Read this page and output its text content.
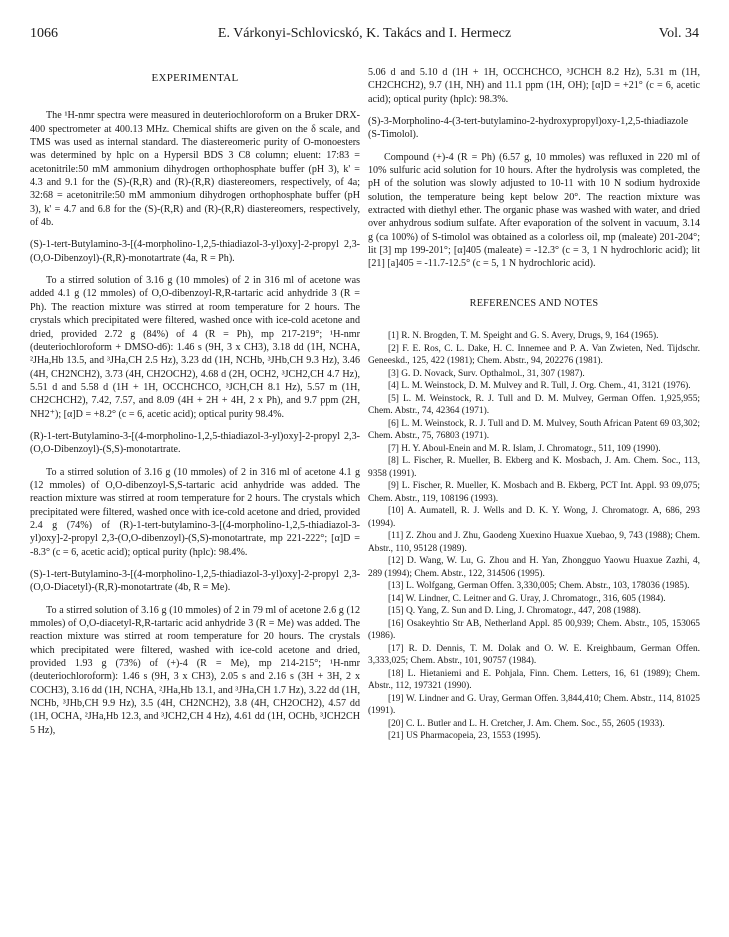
1066	E. Várkonyi-Schlovicskó, K. Takács and I. Hermecz	Vol. 34
EXPERIMENTAL

The ¹H-nmr spectra were measured in deuteriochloroform on a Bruker DRX-400 spectrometer at 400.13 MHz. Chemical shifts are given on the δ scale, and TMS was used as internal standard. The diastereomeric purity of O-monoesters was determined by hplc on a Hypersil BDS 3 C8 column; eluent: 17:83 = acetonitrile:50 mM ammonium dihydrogen orthophosphate buffer (pH 3), k' = 4.3 and 9.1 for the (S)-(R,R) and (R)-(R,R) diastereomers, respectively, of 4a; 32:68 = acetonitrile:50 mM ammonium dihydrogen orthophosphate buffer (pH 3), k' = 4.7 and 6.8 for the (S)-(R,R) and (R)-(R,R) diastereomers, respectively, of 4b.

(S)-1-tert-Butylamino-3-[(4-morpholino-1,2,5-thiadiazol-3-yl)oxy]-2-propyl 2,3-(O,O-Dibenzoyl)-(R,R)-monotartrate (4a, R = Ph).

To a stirred solution of 3.16 g (10 mmoles) of 2 in 316 ml of acetone was added 4.1 g (12 mmoles) of O,O-dibenzoyl-R,R-tartaric acid anhydride 3 (R = Ph). The reaction mixture was stirred at room temperature for 2 hours. The crystals which precipitated were filtered, washed once with ice-cold acetone and dried, provided 2.72 g (84%) of 4 (R = Ph), mp 217-219°; ¹H-nmr (deuteriochloroform + DMSO-d6): 1.46 s (9H, 3 x CH3), 3.18 dd (1H, NCHA, ²JHa,Hb 13.5, and ³JHa,CH 2.5 Hz), 3.23 dd (1H, NCHb, ³JHb,CH 9.3 Hz), 3.46 (4H, CH2NCH2), 3.73 (4H, CH2OCH2), 4.68 d (2H, OCH2, ³JCH2,CH 4.7 Hz), 5.51 d and 5.58 d (1H + 1H, OCCHCHCO, ³JCH,CH 8.1 Hz), 5.57 m (1H, CH2CHCH2), 7.42, 7.57, and 8.09 (4H + 2H + 4H, 2 x Ph), and 9.7 ppm (2H, NH2⁺); [α]D = +8.2° (c = 6, acetic acid); optical purity 98.4%.

(R)-1-tert-Butylamino-3-[(4-morpholino-1,2,5-thiadiazol-3-yl)oxy]-2-propyl 2,3-(O,O-Dibenzoyl)-(S,S)-monotartrate.

To a stirred solution of 3.16 g (10 mmoles) of 2 in 316 ml of acetone 4.1 g (12 mmoles) of O,O-dibenzoyl-S,S-tartaric acid anhydride was added. The reaction mixture was stirred at room temperature for 2 hours. The crystals which precipitated were filtered, washed once with ice-cold acetone and dried, provided 2.4 g (74%) of (R)-1-tert-butylamino-3-[(4-morpholino-1,2,5-thiadiazol-3-yl)oxy]-2-propyl 2,3-(O,O-dibenzoyl)-(S,S)-monotartrate, mp 221-222°; [α]D = -8.3° (c = 6, acetic acid); optical purity (hplc): 98.4%.

(S)-1-tert-Butylamino-3-[(4-morpholino-1,2,5-thiadiazol-3-yl)oxy]-2-propyl 2,3-(O,O-Diacetyl)-(R,R)-monotartrate (4b, R = Me).

To a stirred solution of 3.16 g (10 mmoles) of 2 in 79 ml of acetone 2.6 g (12 mmoles) of O,O-diacetyl-R,R-tartaric acid anhydride 3 (R = Me) was added. The reaction mixture was stirred at room temperature for 20 hours. The crystals which precipitated were filtered, washed with ice-cold acetone and dried, provided 1.93 g (73%) of (+)-4 (R = Me), mp 214-215°; ¹H-nmr (deuteriochloroform): 1.46 s (9H, 3 x CH3), 2.05 s and 2.16 s (3H + 3H, 2 x COCH3), 3.16 dd (1H, NCHA, ²JHa,Hb 13.1, and ³JHa,CH 1.7 Hz), 3.22 dd (1H, NCHb, ³JHb,CH 9.9 Hz), 3.5 (4H, CH2NCH2), 3.8 (4H, CH2OCH2), 4.57 dd (1H, OCHA, ²JHa,Hb 12.3, and ³JCH2,CH 4 Hz), 4.61 dd (1H, OCHb, ³JCH2CH 5 Hz),

5.06 d and 5.10 d (1H + 1H, OCCHCHCO, ³JCHCH 8.2 Hz), 5.31 m (1H, CH2CHCH2), 9.7 (1H, NH) and 11.1 ppm (1H, OH); [α]D = +21° (c = 6, acetic acid); optical purity (hplc): 98.3%.

(S)-3-Morpholino-4-(3-tert-butylamino-2-hydroxypropyl)oxy-1,2,5-thiadiazole (S-Timolol).

Compound (+)-4 (R = Ph) (6.57 g, 10 mmoles) was refluxed in 220 ml of 10% sulfuric acid solution for 10 hours. After the hydrolysis was completed, the pH of the solution was slowly adjusted to 10-11 with 10 N sodium hydroxide solution, the temperature being kept below 20°. The reaction mixture was extracted with diethyl ether. The organic phase was washed with water, and dried over anhydrous sodium sulfate. After evaporation of the solvent in vacuum, 3.14 g (ca 100%) of S-timolol was obtained as a colorless oil, mp (maleate) 201-204°; lit [3] mp 199-201°; [α]405 (maleate) = -12.3° (c = 3, 1 N hydrochloric acid); lit [21] [a]405 = -11.7-12.5° (c = 5, 1 N hydrochloric acid).

REFERENCES AND NOTES

[1] R. N. Brogden, T. M. Speight and G. S. Avery, Drugs, 9, 164 (1965).

[2] F. E. Ros, C. L. Dake, H. C. Innemee and P. A. Van Zwieten, Ned. Tijdschr. Geneeskd., 125, 422 (1981); Chem. Abstr., 94, 202276 (1981).

[3] G. D. Novack, Surv. Opthalmol., 31, 307 (1987).

[4] L. M. Weinstock, D. M. Mulvey and R. Tull, J. Org. Chem., 41, 3121 (1976).

[5] L. M. Weinstock, R. J. Tull and D. M. Mulvey, German Offen. 1,925,955; Chem. Abstr., 74, 42364 (1971).

[6] L. M. Weinstock, R. J. Tull and D. M. Mulvey, South African Patent 69 03,302; Chem. Abstr., 75, 76803 (1971).

[7] H. Y. Aboul-Enein and M. R. Islam, J. Chromatogr., 511, 109 (1990).

[8] L. Fischer, R. Mueller, B. Ekberg and K. Mosbach, J. Am. Chem. Soc., 113, 9358 (1991).

[9] L. Fischer, R. Mueller, K. Mosbach and B. Ekberg, PCT Int. Appl. 93 09,075; Chem. Abstr., 119, 108196 (1993).

[10] A. Aumatell, R. J. Wells and D. K. Y. Wong, J. Chromatogr. A, 686, 293 (1994).

[11] Z. Zhou and J. Zhu, Gaodeng Xuexino Huaxue Xuebao, 9, 743 (1988); Chem. Abstr., 110, 95128 (1989).

[12] D. Wang, W. Lu, G. Zhou and H. Yan, Zhongguo Yaowu Huaxue Zazhi, 4, 289 (1994); Chem. Abstr., 122, 314506 (1995).

[13] L. Wolfgang, German Offen. 3,330,005; Chem. Abstr., 103, 178036 (1985).

[14] W. Lindner, C. Leitner and G. Uray, J. Chromatogr., 316, 605 (1984).

[15] Q. Yang, Z. Sun and D. Ling, J. Chromatogr., 447, 208 (1988).

[16] Osakeyhtio Str AB, Netherland Appl. 85 00,939; Chem. Abstr., 105, 153065 (1986).

[17] R. D. Dennis, T. M. Dolak and O. W. E. Kreighbaum, German Offen. 3,333,025; Chem. Abstr., 101, 90757 (1984).

[18] L. Hietaniemi and E. Pohjala, Finn. Chem. Letters, 16, 61 (1989); Chem. Abstr., 112, 197321 (1990).

[19] W. Lindner and G. Uray, German Offen. 3,844,410; Chem. Abstr., 114, 81025 (1991).

[20] C. L. Butler and L. H. Cretcher, J. Am. Chem. Soc., 55, 2605 (1933).

[21] US Pharmacopeia, 23, 1553 (1995).
